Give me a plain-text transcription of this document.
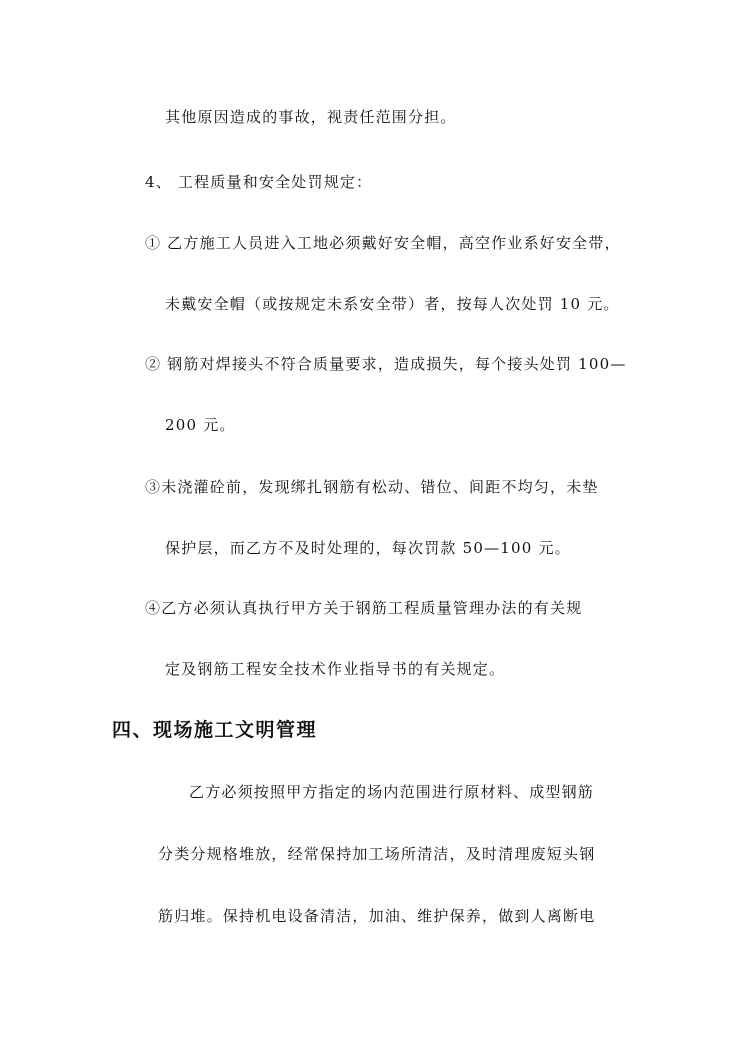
其他原因造成的事故，视责任范围分担。
4、 工程质量和安全处罚规定：
① 乙方施工人员进入工地必须戴好安全帽，高空作业系好安全带，
未戴安全帽（或按规定未系安全带）者，按每人次处罚 10 元。
② 钢筋对焊接头不符合质量要求，造成损失，每个接头处罚 100—
200 元。
③未浇灌砼前，发现绑扎钢筋有松动、错位、间距不均匀，未垫
保护层，而乙方不及时处理的，每次罚款 50—100 元。
④乙方必须认真执行甲方关于钢筋工程质量管理办法的有关规
定及钢筋工程安全技术作业指导书的有关规定。
四、现场施工文明管理
乙方必须按照甲方指定的场内范围进行原材料、成型钢筋
分类分规格堆放，经常保持加工场所清洁，及时清理废短头钢
筋归堆。保持机电设备清洁，加油、维护保养，做到人离断电
